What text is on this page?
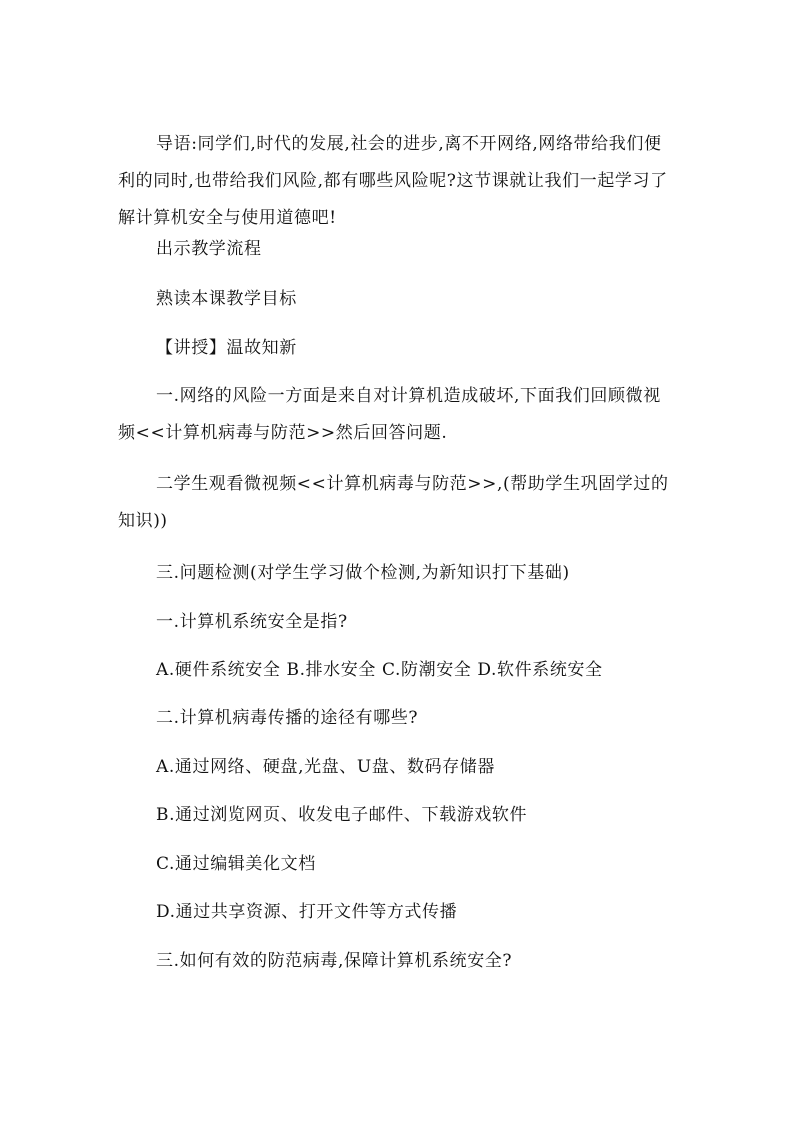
导语:同学们,时代的发展,社会的进步,离不开网络,网络带给我们便利的同时,也带给我们风险,都有哪些风险呢?这节课就让我们一起学习了解计算机安全与使用道德吧!

出示教学流程

熟读本课教学目标

【讲授】温故知新

一.网络的风险一方面是来自对计算机造成破坏,下面我们回顾微视频<<计算机病毒与防范>>然后回答问题.

二学生观看微视频<<计算机病毒与防范>>,(帮助学生巩固学过的知识))

三.问题检测(对学生学习做个检测,为新知识打下基础)

一.计算机系统安全是指?

A.硬件系统安全 B.排水安全 C.防潮安全 D.软件系统安全

二.计算机病毒传播的途径有哪些?

A.通过网络、硬盘,光盘、U盘、数码存储器

B.通过浏览网页、收发电子邮件、下载游戏软件

C.通过编辑美化文档

D.通过共享资源、打开文件等方式传播

三.如何有效的防范病毒,保障计算机系统安全?
